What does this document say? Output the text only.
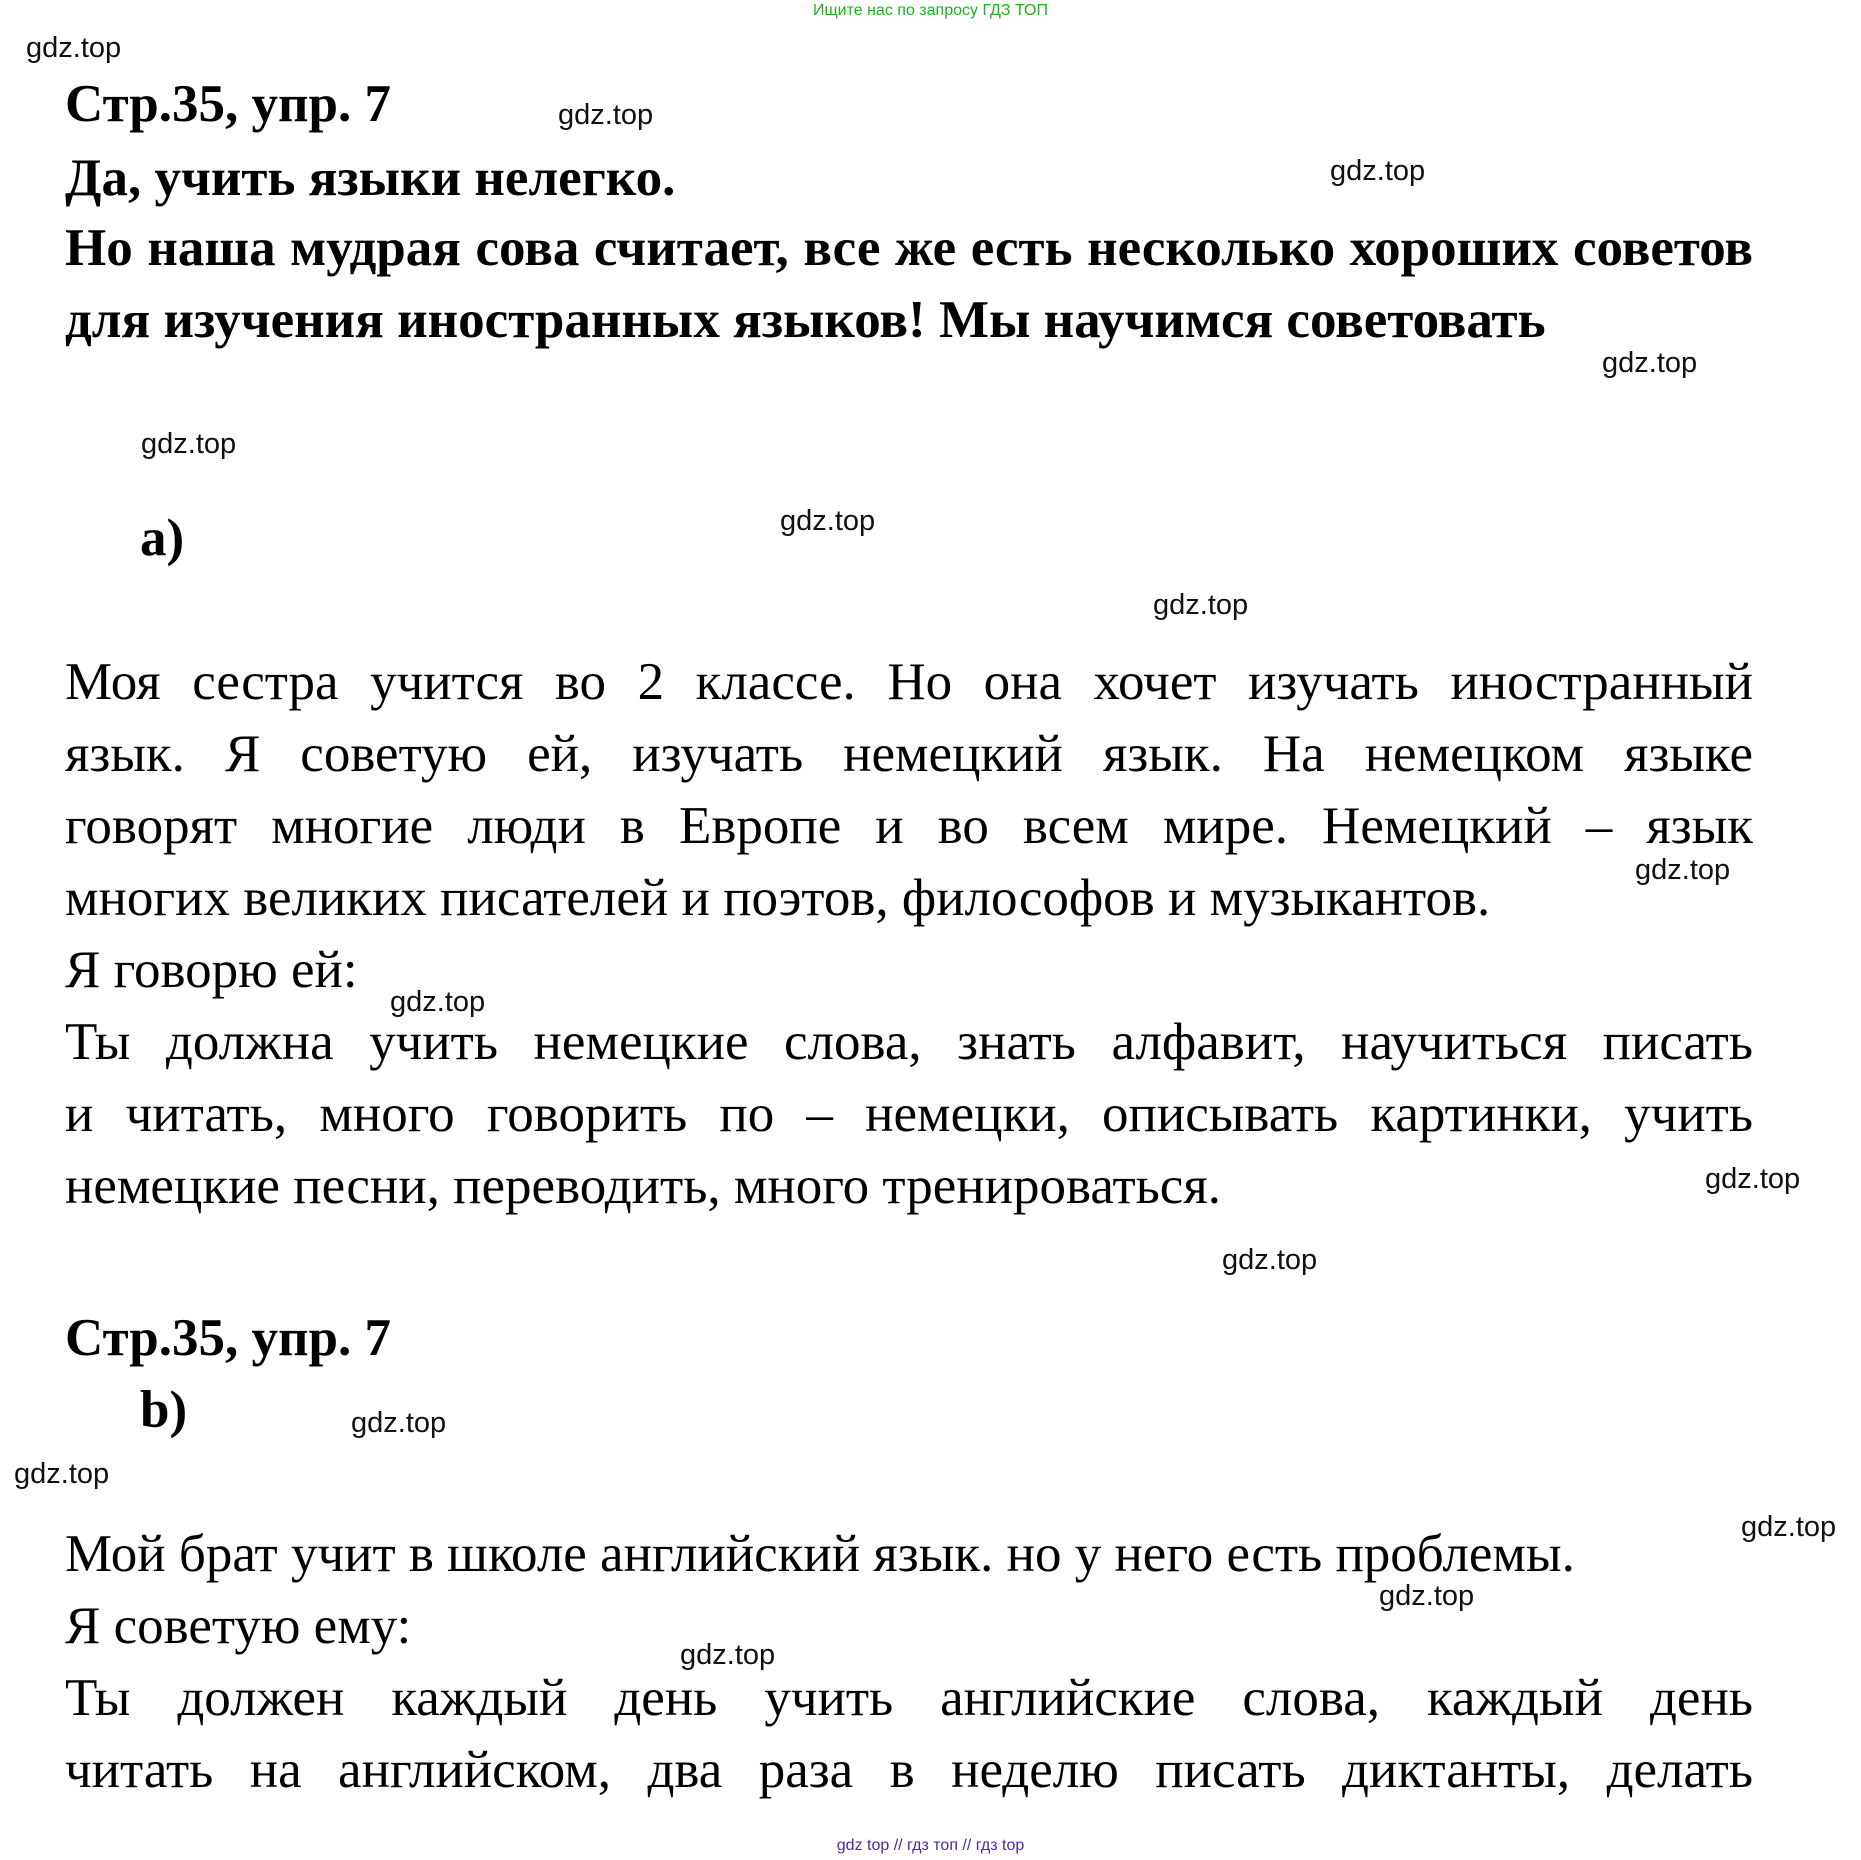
Ищите нас по запросу ГДЗ ТОП
Стр.35, упр. 7
Да, учить языки нелегко.
Но наша мудрая сова считает, все же есть несколько хороших советов для изучения иностранных языков! Мы научимся советовать
а)
Моя сестра учится во 2 классе. Но она хочет изучать иностранный
язык. Я советую ей, изучать немецкий язык. На немецком языке
говорят многие люди в Европе и во всем мире. Немецкий – язык
многих великих писателей и поэтов, философов и музыкантов.
Я говорю ей:
Ты должна учить немецкие слова, знать алфавит, научиться писать
и читать, много говорить по – немецки, описывать картинки, учить
немецкие песни, переводить, много тренироваться.
Стр.35, упр. 7
b)
Мой брат учит в школе английский язык. но у него есть проблемы.
Я советую ему:
Ты должен каждый день учить английские слова, каждый день
читать на английском, два раза в неделю писать диктанты, делать
gdz.top
gdz.top
gdz.top
gdz.top
gdz.top
gdz.top
gdz.top
gdz.top
gdz.top
gdz.top
gdz.top
gdz.top
gdz.top
gdz.top
gdz.top
gdz.top
gdz top // гдз топ // гдз top
